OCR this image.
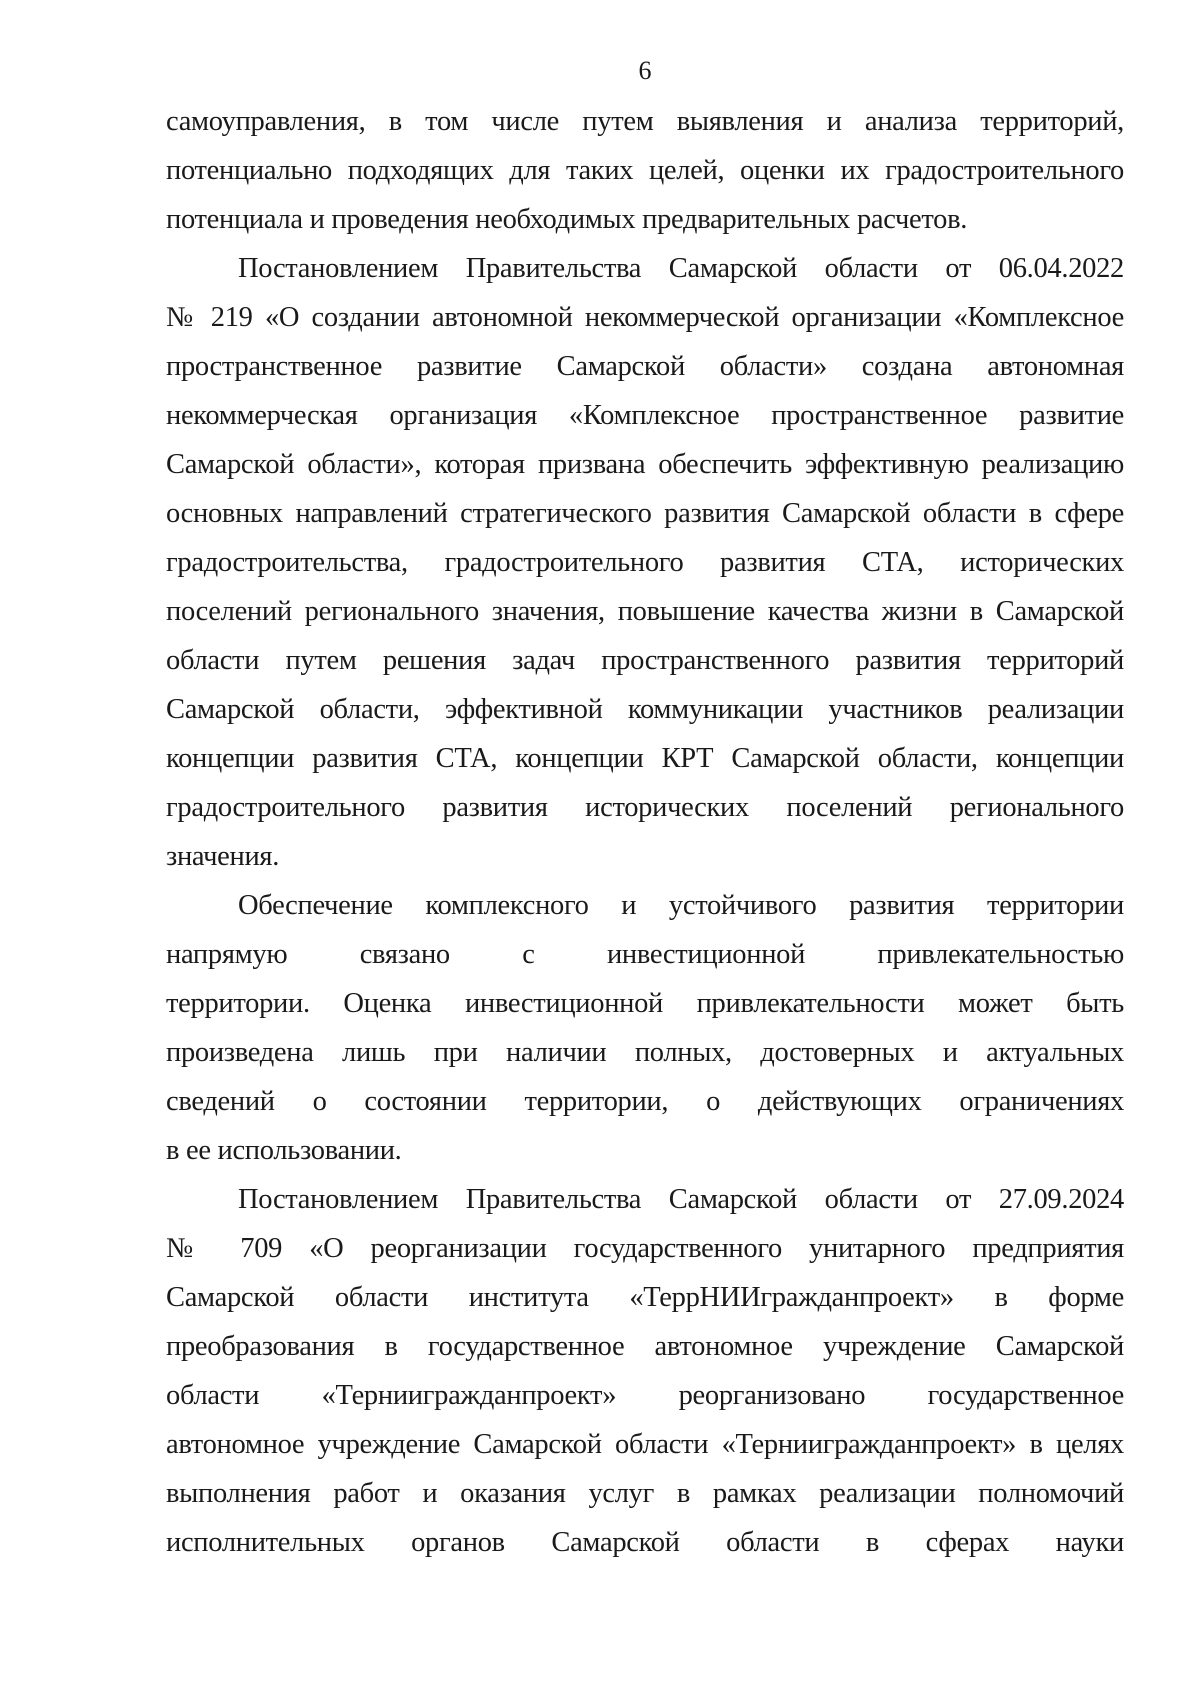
6
самоуправления, в том числе путем выявления и анализа территорий,
потенциально подходящих для таких целей, оценки их градостроительного
потенциала и проведения необходимых предварительных расчетов.
Постановлением Правительства Самарской области от 06.04.2022
№ 219 «О создании автономной некоммерческой организации «Комплексное
пространственное развитие Самарской области» создана автономная
некоммерческая организация «Комплексное пространственное развитие
Самарской области», которая призвана обеспечить эффективную реализацию
основных направлений стратегического развития Самарской области в сфере
градостроительства, градостроительного развития СТА, исторических
поселений регионального значения, повышение качества жизни в Самарской
области путем решения задач пространственного развития территорий
Самарской области, эффективной коммуникации участников реализации
концепции развития СТА, концепции КРТ Самарской области, концепции
градостроительного развития исторических поселений регионального
значения.
Обеспечение комплексного и устойчивого развития территории
напрямую связано с инвестиционной привлекательностью
территории. Оценка инвестиционной привлекательности может быть
произведена лишь при наличии полных, достоверных и актуальных
сведений о состоянии территории, о действующих ограничениях
в ее использовании.
Постановлением Правительства Самарской области от 27.09.2024
№ 709 «О реорганизации государственного унитарного предприятия
Самарской области института «ТеррНИИгражданпроект» в форме
преобразования в государственное автономное учреждение Самарской
области «Терниигражданпроект» реорганизовано государственное
автономное учреждение Самарской области «Терниигражданпроект» в целях
выполнения работ и оказания услуг в рамках реализации полномочий
исполнительных органов Самарской области в сферах науки
